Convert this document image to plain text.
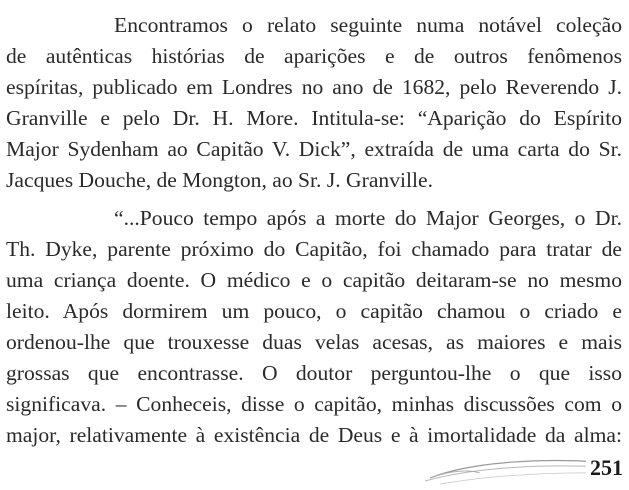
Encontramos o relato seguinte numa notável coleção
de autênticas histórias de aparições e de outros fenômenos
espíritas, publicado em Londres no ano de 1682, pelo Reverendo J.
Granville e pelo Dr. H. More. Intitula-se: “Aparição do Espírito
Major Sydenham ao Capitão V. Dick”, extraída de uma carta do Sr.
Jacques Douche, de Mongton, ao Sr. J. Granville.
“...Pouco tempo após a morte do Major Georges, o Dr.
Th. Dyke, parente próximo do Capitão, foi chamado para tratar de
uma criança doente. O médico e o capitão deitaram-se no mesmo
leito. Após dormirem um pouco, o capitão chamou o criado e
ordenou-lhe que trouxesse duas velas acesas, as maiores e mais
grossas que encontrasse. O doutor perguntou-lhe o que isso
significava. – Conheceis, disse o capitão, minhas discussões com o
major, relativamente à existência de Deus e à imortalidade da alma:
251
